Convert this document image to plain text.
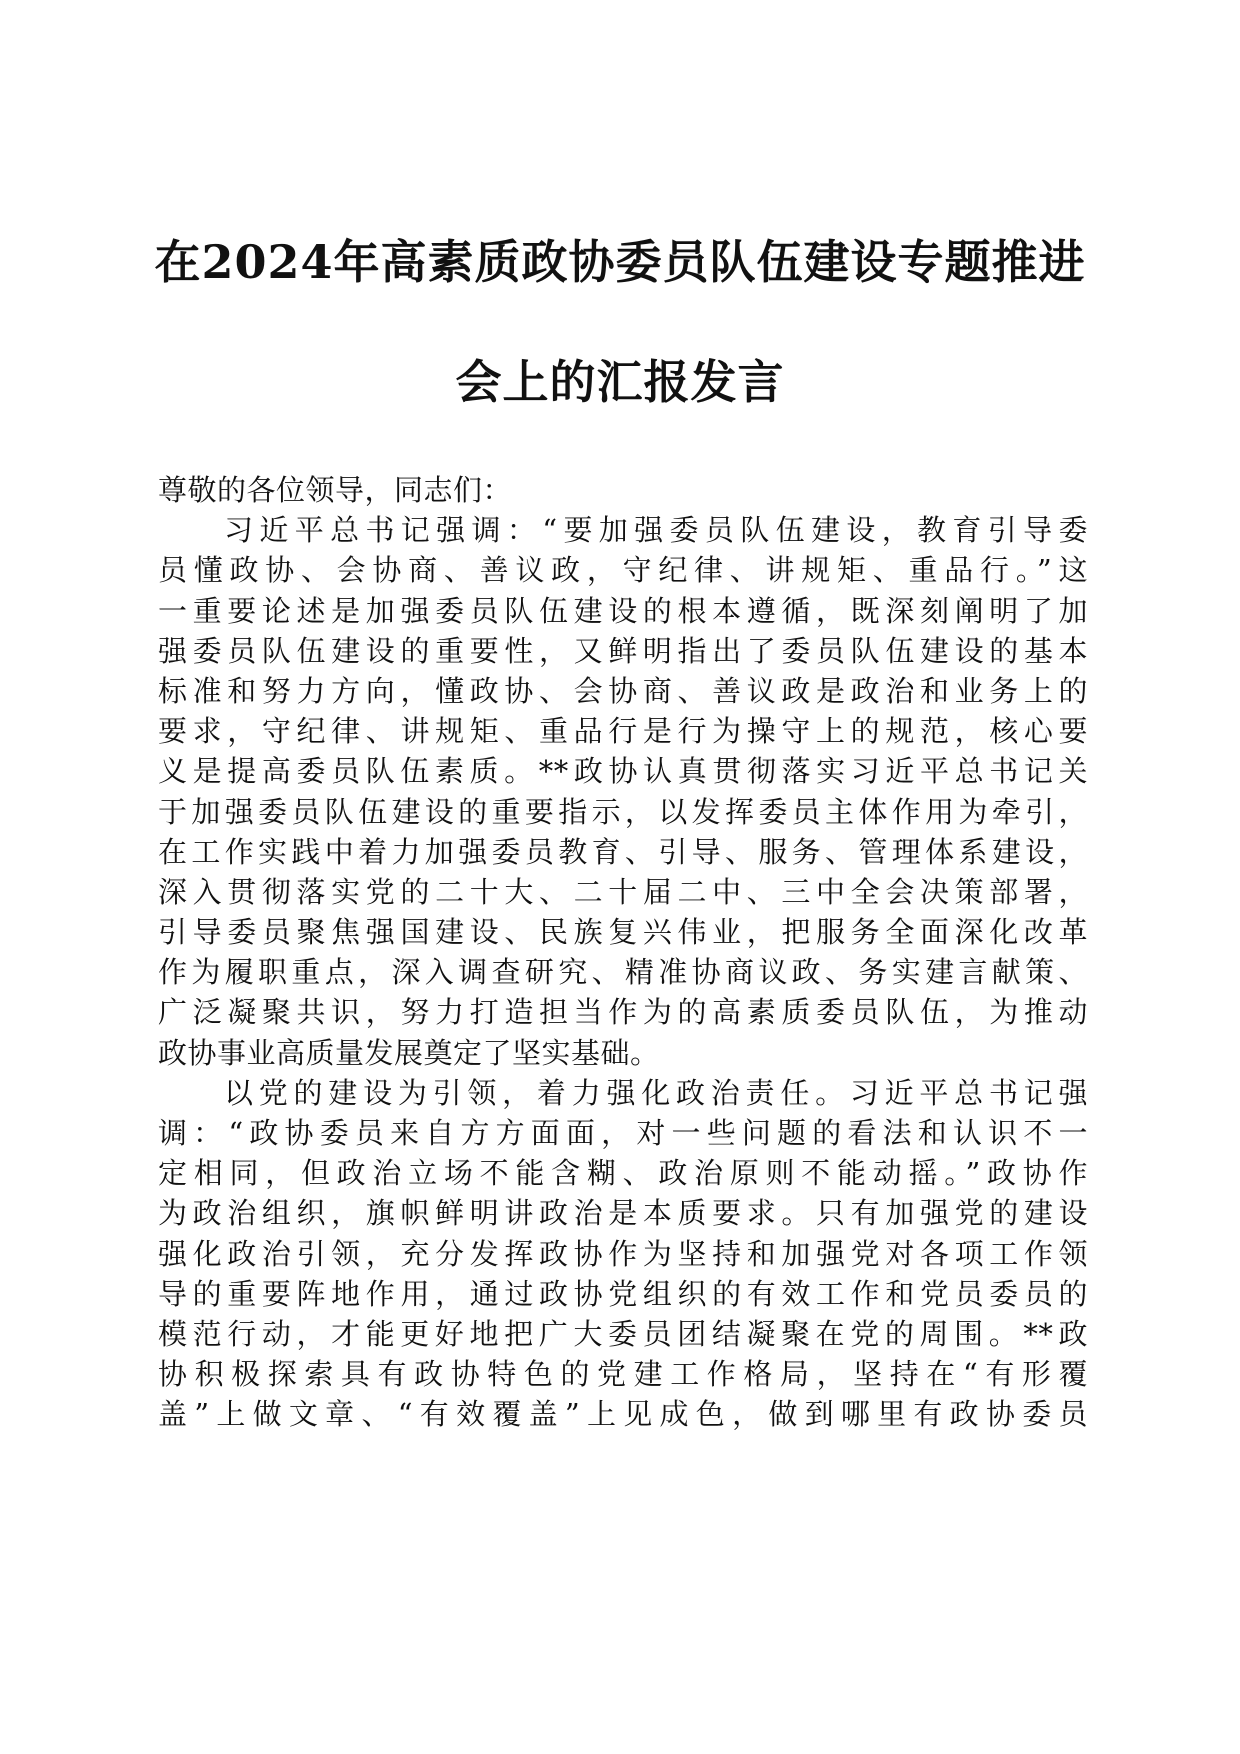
在2024年高素质政协委员队伍建设专题推进
会上的汇报发言
尊敬的各位领导，同志们：
习近平总书记强调：“要加强委员队伍建设，教育引导委
员懂政协、会协商、善议政，守纪律、讲规矩、重品行。”这
一重要论述是加强委员队伍建设的根本遵循，既深刻阐明了加
强委员队伍建设的重要性，又鲜明指出了委员队伍建设的基本
标准和努力方向，懂政协、会协商、善议政是政治和业务上的
要求，守纪律、讲规矩、重品行是行为操守上的规范，核心要
义是提高委员队伍素质。**政协认真贯彻落实习近平总书记关
于加强委员队伍建设的重要指示，以发挥委员主体作用为牵引，
在工作实践中着力加强委员教育、引导、服务、管理体系建设，
深入贯彻落实党的二十大、二十届二中、三中全会决策部署，
引导委员聚焦强国建设、民族复兴伟业，把服务全面深化改革
作为履职重点，深入调查研究、精准协商议政、务实建言献策、
广泛凝聚共识，努力打造担当作为的高素质委员队伍，为推动
政协事业高质量发展奠定了坚实基础。
以党的建设为引领，着力强化政治责任。习近平总书记强
调：“政协委员来自方方面面，对一些问题的看法和认识不一
定相同，但政治立场不能含糊、政治原则不能动摇。”政协作
为政治组织，旗帜鲜明讲政治是本质要求。只有加强党的建设
强化政治引领，充分发挥政协作为坚持和加强党对各项工作领
导的重要阵地作用，通过政协党组织的有效工作和党员委员的
模范行动，才能更好地把广大委员团结凝聚在党的周围。**政
协积极探索具有政协特色的党建工作格局，坚持在“有形覆
盖”上做文章、“有效覆盖”上见成色，做到哪里有政协委员
